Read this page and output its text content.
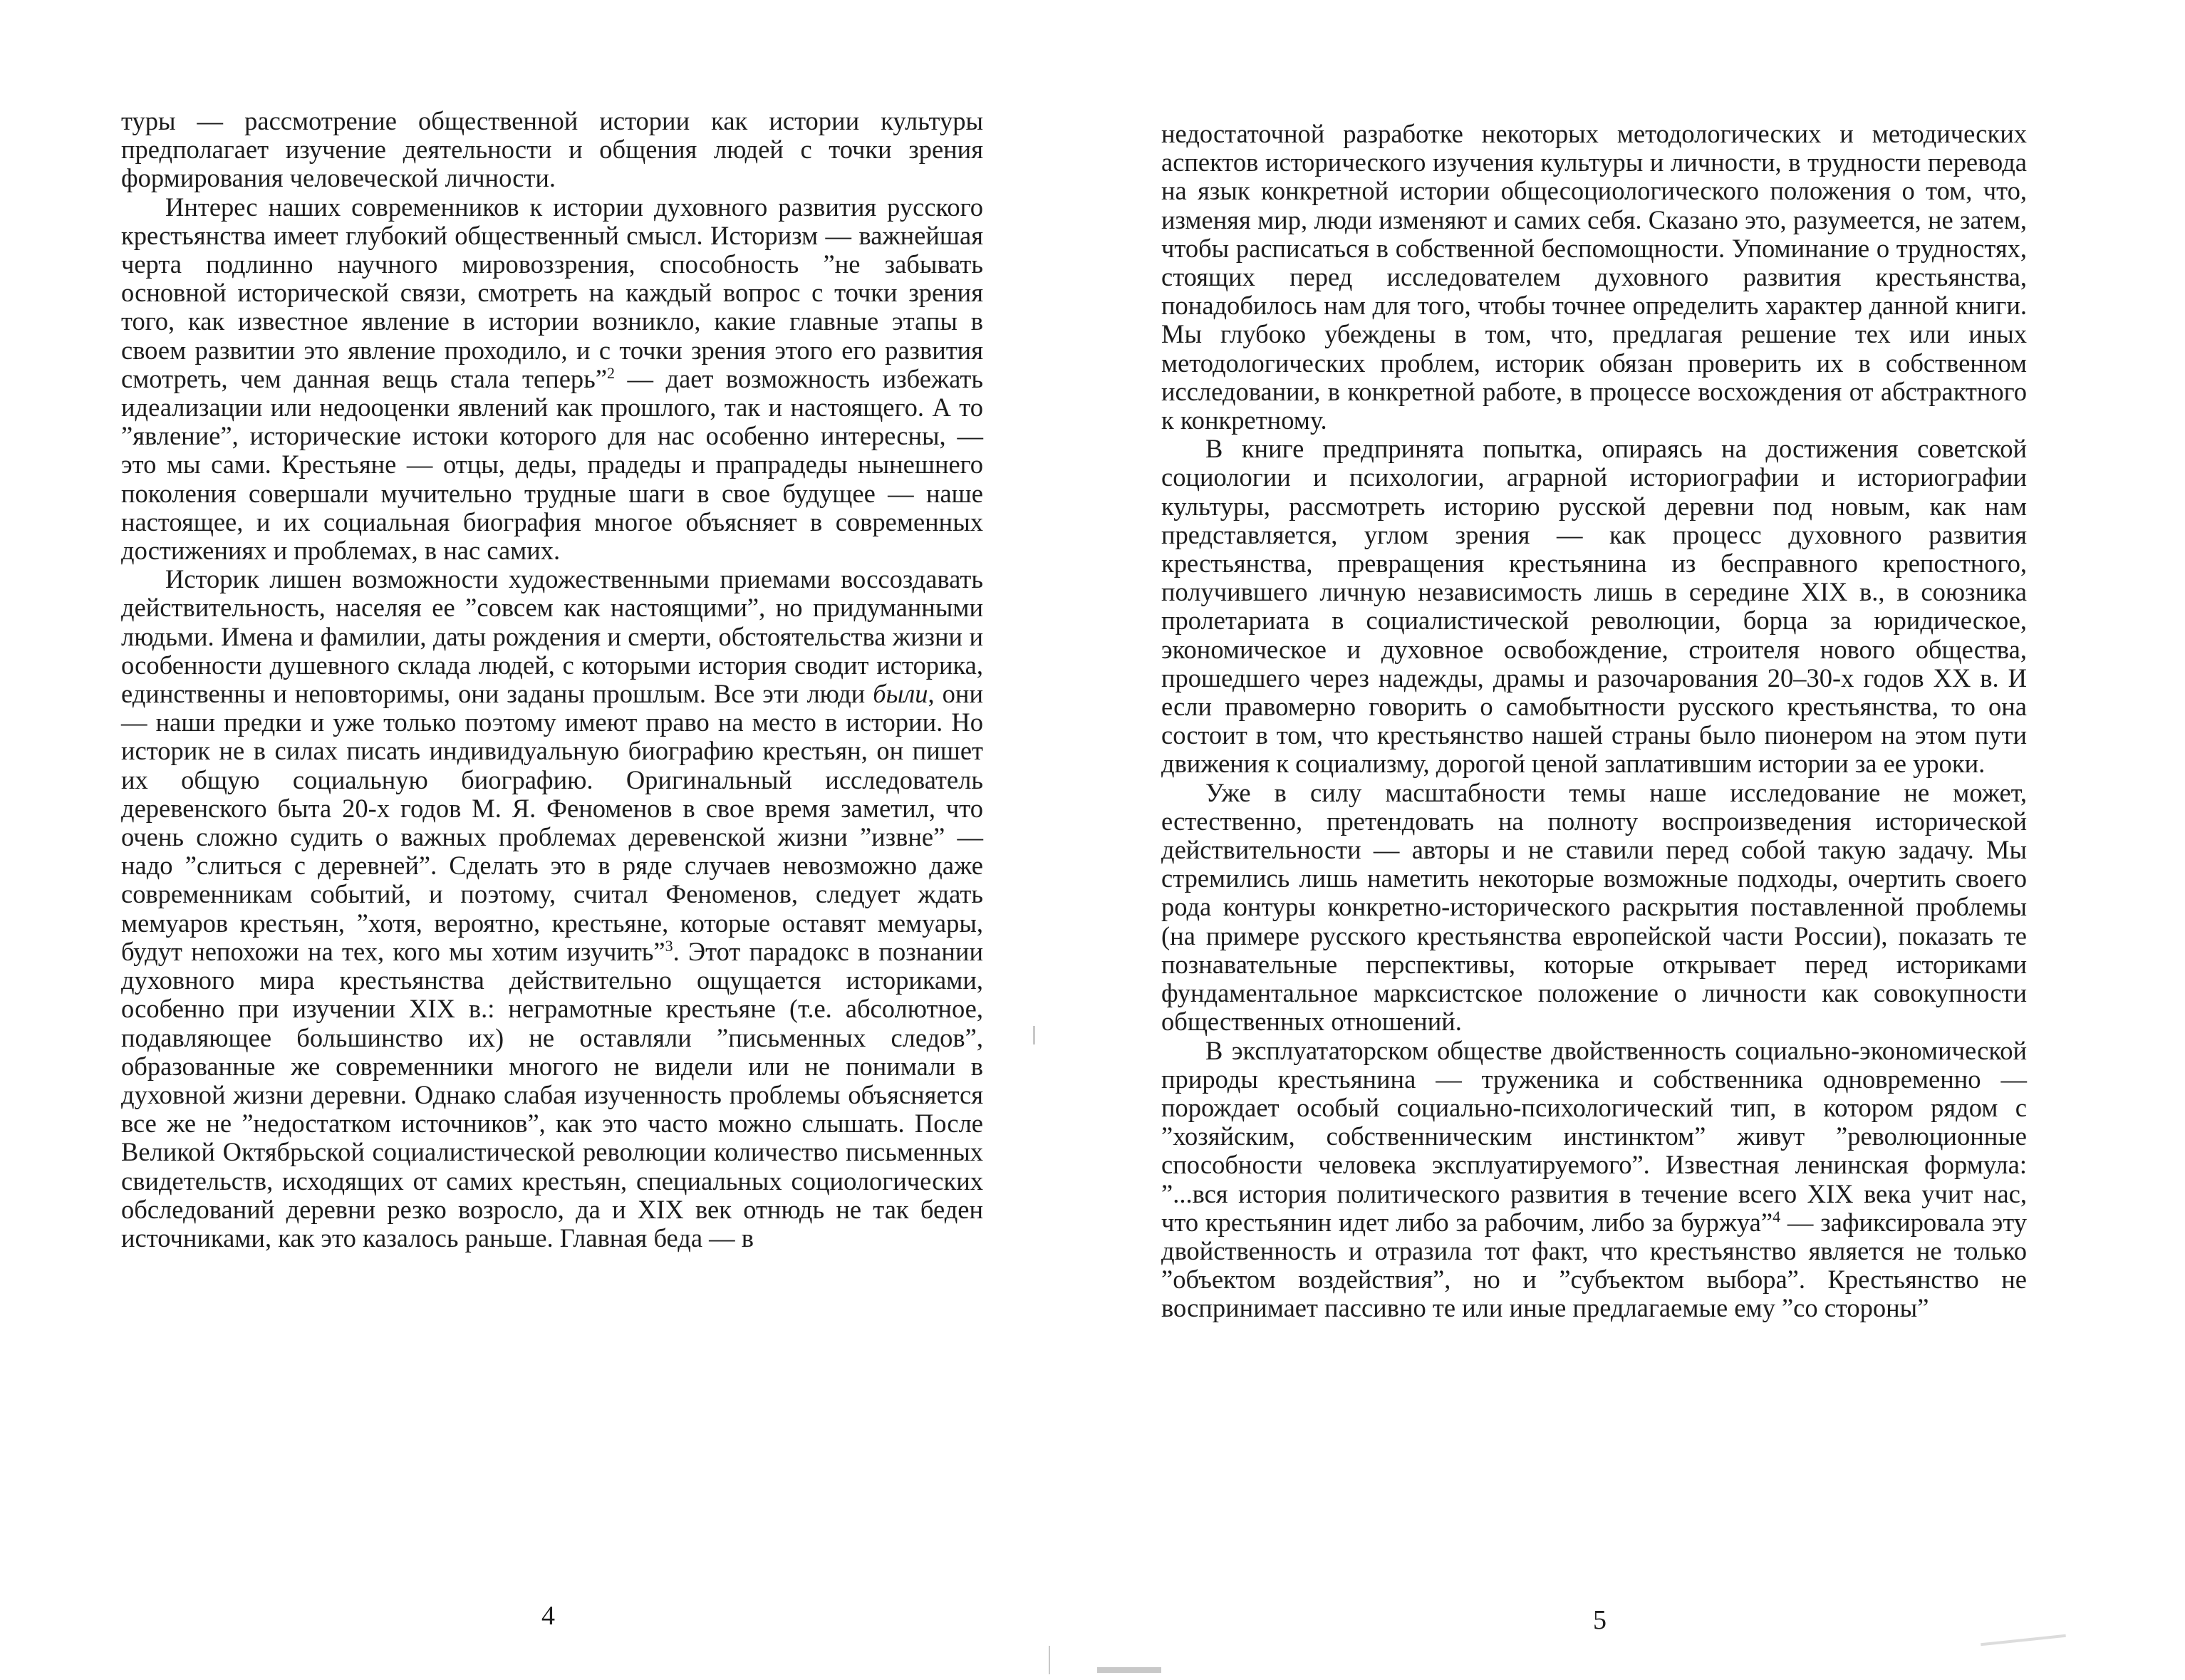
туры — рассмотрение общественной истории как истории культуры предполагает изучение деятельности и общения людей с точки зрения формирования человеческой личности.

Интерес наших современников к истории духовного развития русского крестьянства имеет глубокий общественный смысл. Историзм — важнейшая черта подлинно научного мировоззрения, способность ”не забывать основной исторической связи, смотреть на каждый вопрос с точки зрения того, как известное явление в истории возникло, какие главные этапы в своем развитии это явление проходило, и с точки зрения этого его развития смотреть, чем данная вещь стала теперь”$^2$ — дает возможность избежать идеализации или недооценки явлений как прошлого, так и настоящего. А то ”явление”, исторические истоки которого для нас особенно интересны, — это мы сами. Крестьяне — отцы, деды, прадеды и прапрадеды нынешнего поколения совершали мучительно трудные шаги в свое будущее — наше настоящее, и их социальная биография многое объясняет в современных достижениях и проблемах, в нас самих.

Историк лишен возможности художественными приемами воссоздавать действительность, населяя ее ”совсем как настоящими”, но придуманными людьми. Имена и фамилии, даты рождения и смерти, обстоятельства жизни и особенности душевного склада людей, с которыми история сводит историка, единственны и неповторимы, они заданы прошлым. Все эти люди были, они — наши предки и уже только поэтому имеют право на место в истории. Но историк не в силах писать индивидуальную биографию крестьян, он пишет их общую социальную биографию. Оригинальный исследователь деревенского быта 20-х годов М. Я. Феноменов в свое время заметил, что очень сложно судить о важных проблемах деревенской жизни ”извне” — надо ”слиться с деревней”. Сделать это в ряде случаев невозможно даже современникам событий, и поэтому, считал Феноменов, следует ждать мемуаров крестьян, ”хотя, вероятно, крестьяне, которые оставят мемуары, будут непохожи на тех, кого мы хотим изучить”$^3$. Этот парадокс в познании духовного мира крестьянства действительно ощущается историками, особенно при изучении XIX в.: неграмотные крестьяне (т.е. абсолютное, подавляющее большинство их) не оставляли ”письменных следов”, образованные же современники многого не видели или не понимали в духовной жизни деревни. Однако слабая изученность проблемы объясняется все же не ”недостатком источников”, как это часто можно слышать. После Великой Октябрьской социалистической революции количество письменных свидетельств, исходящих от самих крестьян, специальных социологических обследований деревни резко возросло, да и XIX век отнюдь не так беден источниками, как это казалось раньше. Главная беда — в

4

недостаточной разработке некоторых методологических и методических аспектов исторического изучения культуры и личности, в трудности перевода на язык конкретной истории общесоциологического положения о том, что, изменяя мир, люди изменяют и самих себя. Сказано это, разумеется, не затем, чтобы расписаться в собственной беспомощности. Упоминание о трудностях, стоящих перед исследователем духовного развития крестьянства, понадобилось нам для того, чтобы точнее определить характер данной книги. Мы глубоко убеждены в том, что, предлагая решение тех или иных методологических проблем, историк обязан проверить их в собственном исследовании, в конкретной работе, в процессе восхождения от абстрактного к конкретному.

В книге предпринята попытка, опираясь на достижения советской социологии и психологии, аграрной историографии и историографии культуры, рассмотреть историю русской деревни под новым, как нам представляется, углом зрения — как процесс духовного развития крестьянства, превращения крестьянина из бесправного крепостного, получившего личную независимость лишь в середине XIX в., в союзника пролетариата в социалистической революции, борца за юридическое, экономическое и духовное освобождение, строителя нового общества, прошедшего через надежды, драмы и разочарования 20–30-х годов XX в. И если правомерно говорить о самобытности русского крестьянства, то она состоит в том, что крестьянство нашей страны было пионером на этом пути движения к социализму, дорогой ценой заплатившим истории за ее уроки.

Уже в силу масштабности темы наше исследование не может, естественно, претендовать на полноту воспроизведения исторической действительности — авторы и не ставили перед собой такую задачу. Мы стремились лишь наметить некоторые возможные подходы, очертить своего рода контуры конкретно-исторического раскрытия поставленной проблемы (на примере русского крестьянства европейской части России), показать те познавательные перспективы, которые открывает перед историками фундаментальное марксистское положение о личности как совокупности общественных отношений.

В эксплуататорском обществе двойственность социально-экономической природы крестьянина — труженика и собственника одновременно — порождает особый социально-психологический тип, в котором рядом с ”хозяйским, собственническим инстинктом” живут ”революционные способности человека эксплуатируемого”. Известная ленинская формула: ”...вся история политического развития в течение всего XIX века учит нас, что крестьянин идет либо за рабочим, либо за буржуа”$^4$ — зафиксировала эту двойственность и отразила тот факт, что крестьянство является не только ”объектом воздействия”, но и ”субъектом выбора”. Крестьянство не воспринимает пассивно те или иные предлагаемые ему ”со стороны”

5
